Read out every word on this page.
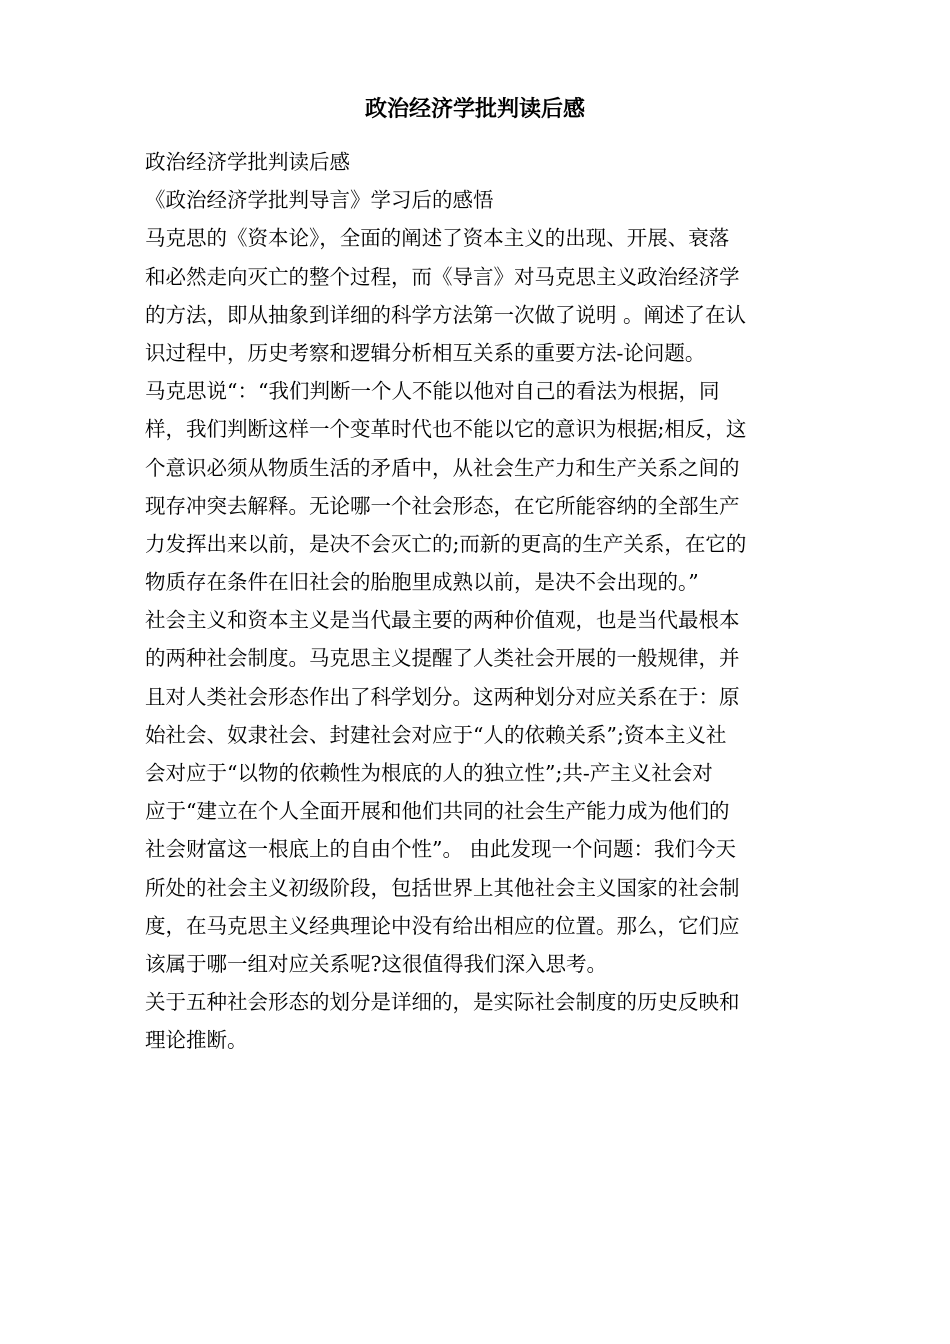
政治经济学批判读后感
政治经济学批判读后感
《政治经济学批判导言》学习后的感悟
马克思的《资本论》，全面的阐述了资本主义的出现、开展、衰落
和必然走向灭亡的整个过程，而《导言》对马克思主义政治经济学
的方法，即从抽象到详细的科学方法第一次做了说明 。阐述了在认
识过程中，历史考察和逻辑分析相互关系的重要方法-论问题。
马克思说“：“我们判断一个人不能以他对自己的看法为根据，同
样，我们判断这样一个变革时代也不能以它的意识为根据;相反，这
个意识必须从物质生活的矛盾中，从社会生产力和生产关系之间的
现存冲突去解释。无论哪一个社会形态，在它所能容纳的全部生产
力发挥出来以前，是决不会灭亡的;而新的更高的生产关系，在它的
物质存在条件在旧社会的胎胞里成熟以前，是决不会出现的。”
社会主义和资本主义是当代最主要的两种价值观，也是当代最根本
的两种社会制度。马克思主义提醒了人类社会开展的一般规律，并
且对人类社会形态作出了科学划分。这两种划分对应关系在于：原
始社会、奴隶社会、封建社会对应于“人的依赖关系”;资本主义社
会对应于“以物的依赖性为根底的人的独立性”;共-产主义社会对
应于“建立在个人全面开展和他们共同的社会生产能力成为他们的
社会财富这一根底上的自由个性”。 由此发现一个问题：我们今天
所处的社会主义初级阶段，包括世界上其他社会主义国家的社会制
度，在马克思主义经典理论中没有给出相应的位置。那么，它们应
该属于哪一组对应关系呢?这很值得我们深入思考。
关于五种社会形态的划分是详细的，是实际社会制度的历史反映和
理论推断。
